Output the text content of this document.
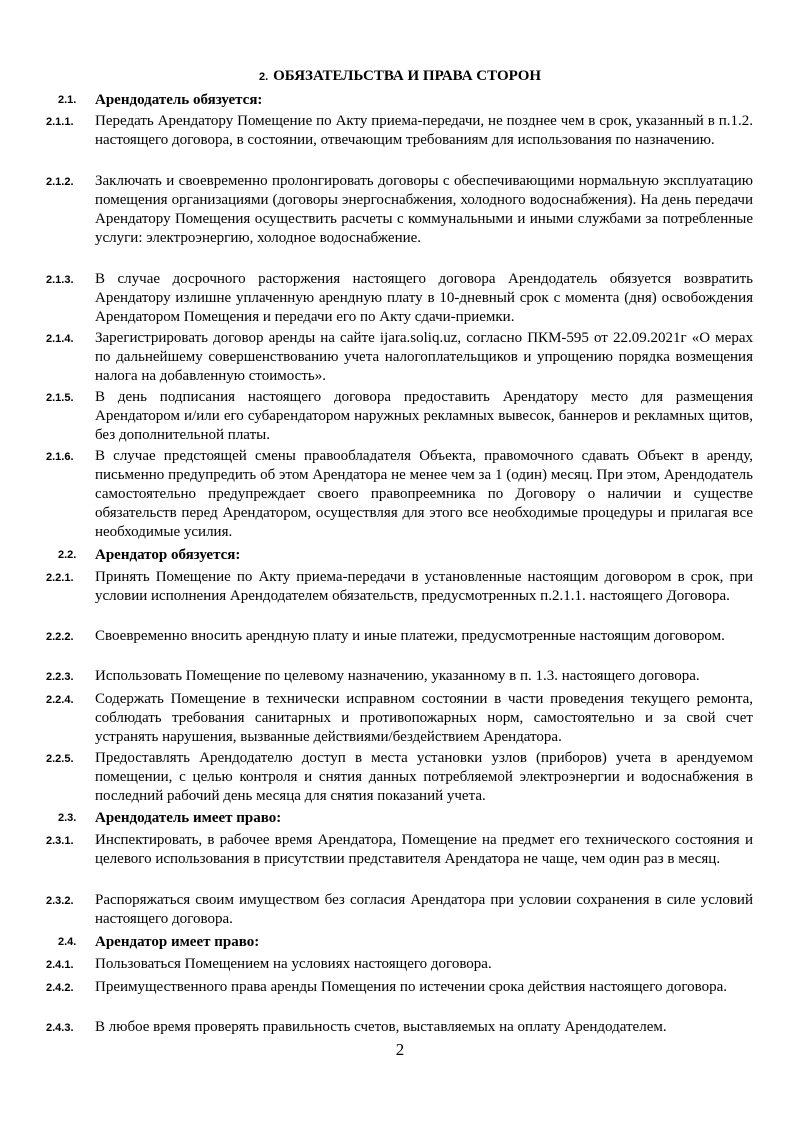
2. ОБЯЗАТЕЛЬСТВА И ПРАВА СТОРОН
2.1. Арендодатель обязуется:
2.1.1. Передать Арендатору Помещение по Акту приема-передачи, не позднее чем в срок, указанный в п.1.2. настоящего договора, в состоянии, отвечающим требованиям для использования по назначению.
2.1.2. Заключать и своевременно пролонгировать договоры с обеспечивающими нормальную эксплуатацию помещения организациями (договоры энергоснабжения, холодного водоснабжения). На день передачи Арендатору Помещения осуществить расчеты с коммунальными и иными службами за потребленные услуги: электроэнергию, холодное водоснабжение.
2.1.3. В случае досрочного расторжения настоящего договора Арендодатель обязуется возвратить Арендатору излишне уплаченную арендную плату в 10-дневный срок с момента (дня) освобождения Арендатором Помещения и передачи его по Акту сдачи-приемки.
2.1.4. Зарегистрировать договор аренды на сайте ijara.soliq.uz, согласно ПКМ-595 от 22.09.2021г «О мерах по дальнейшему совершенствованию учета налогоплательщиков и упрощению порядка возмещения налога на добавленную стоимость».
2.1.5. В день подписания настоящего договора предоставить Арендатору место для размещения Арендатором и/или его субарендатором наружных рекламных вывесок, баннеров и рекламных щитов, без дополнительной платы.
2.1.6. В случае предстоящей смены правообладателя Объекта, правомочного сдавать Объект в аренду, письменно предупредить об этом Арендатора не менее чем за 1 (один) месяц. При этом, Арендодатель самостоятельно предупреждает своего правопреемника по Договору о наличии и существе обязательств перед Арендатором, осуществляя для этого все необходимые процедуры и прилагая все необходимые усилия.
2.2. Арендатор обязуется:
2.2.1. Принять Помещение по Акту приема-передачи в установленные настоящим договором в срок, при условии исполнения Арендодателем обязательств, предусмотренных п.2.1.1. настоящего Договора.
2.2.2. Своевременно вносить арендную плату и иные платежи, предусмотренные настоящим договором.
2.2.3. Использовать Помещение по целевому назначению, указанному в п. 1.3. настоящего договора.
2.2.4. Содержать Помещение в технически исправном состоянии в части проведения текущего ремонта, соблюдать требования санитарных и противопожарных норм, самостоятельно и за свой счет устранять нарушения, вызванные действиями/бездействием Арендатора.
2.2.5. Предоставлять Арендодателю доступ в места установки узлов (приборов) учета в арендуемом помещении, с целью контроля и снятия данных потребляемой электроэнергии и водоснабжения в последний рабочий день месяца для снятия показаний учета.
2.3. Арендодатель имеет право:
2.3.1. Инспектировать, в рабочее время Арендатора, Помещение на предмет его технического состояния и целевого использования в присутствии представителя Арендатора не чаще, чем один раз в месяц.
2.3.2. Распоряжаться своим имуществом без согласия Арендатора при условии сохранения в силе условий настоящего договора.
2.4. Арендатор имеет право:
2.4.1. Пользоваться Помещением на условиях настоящего договора.
2.4.2. Преимущественного права аренды Помещения по истечении срока действия настоящего договора.
2.4.3. В любое время проверять правильность счетов, выставляемых на оплату Арендодателем.
2
